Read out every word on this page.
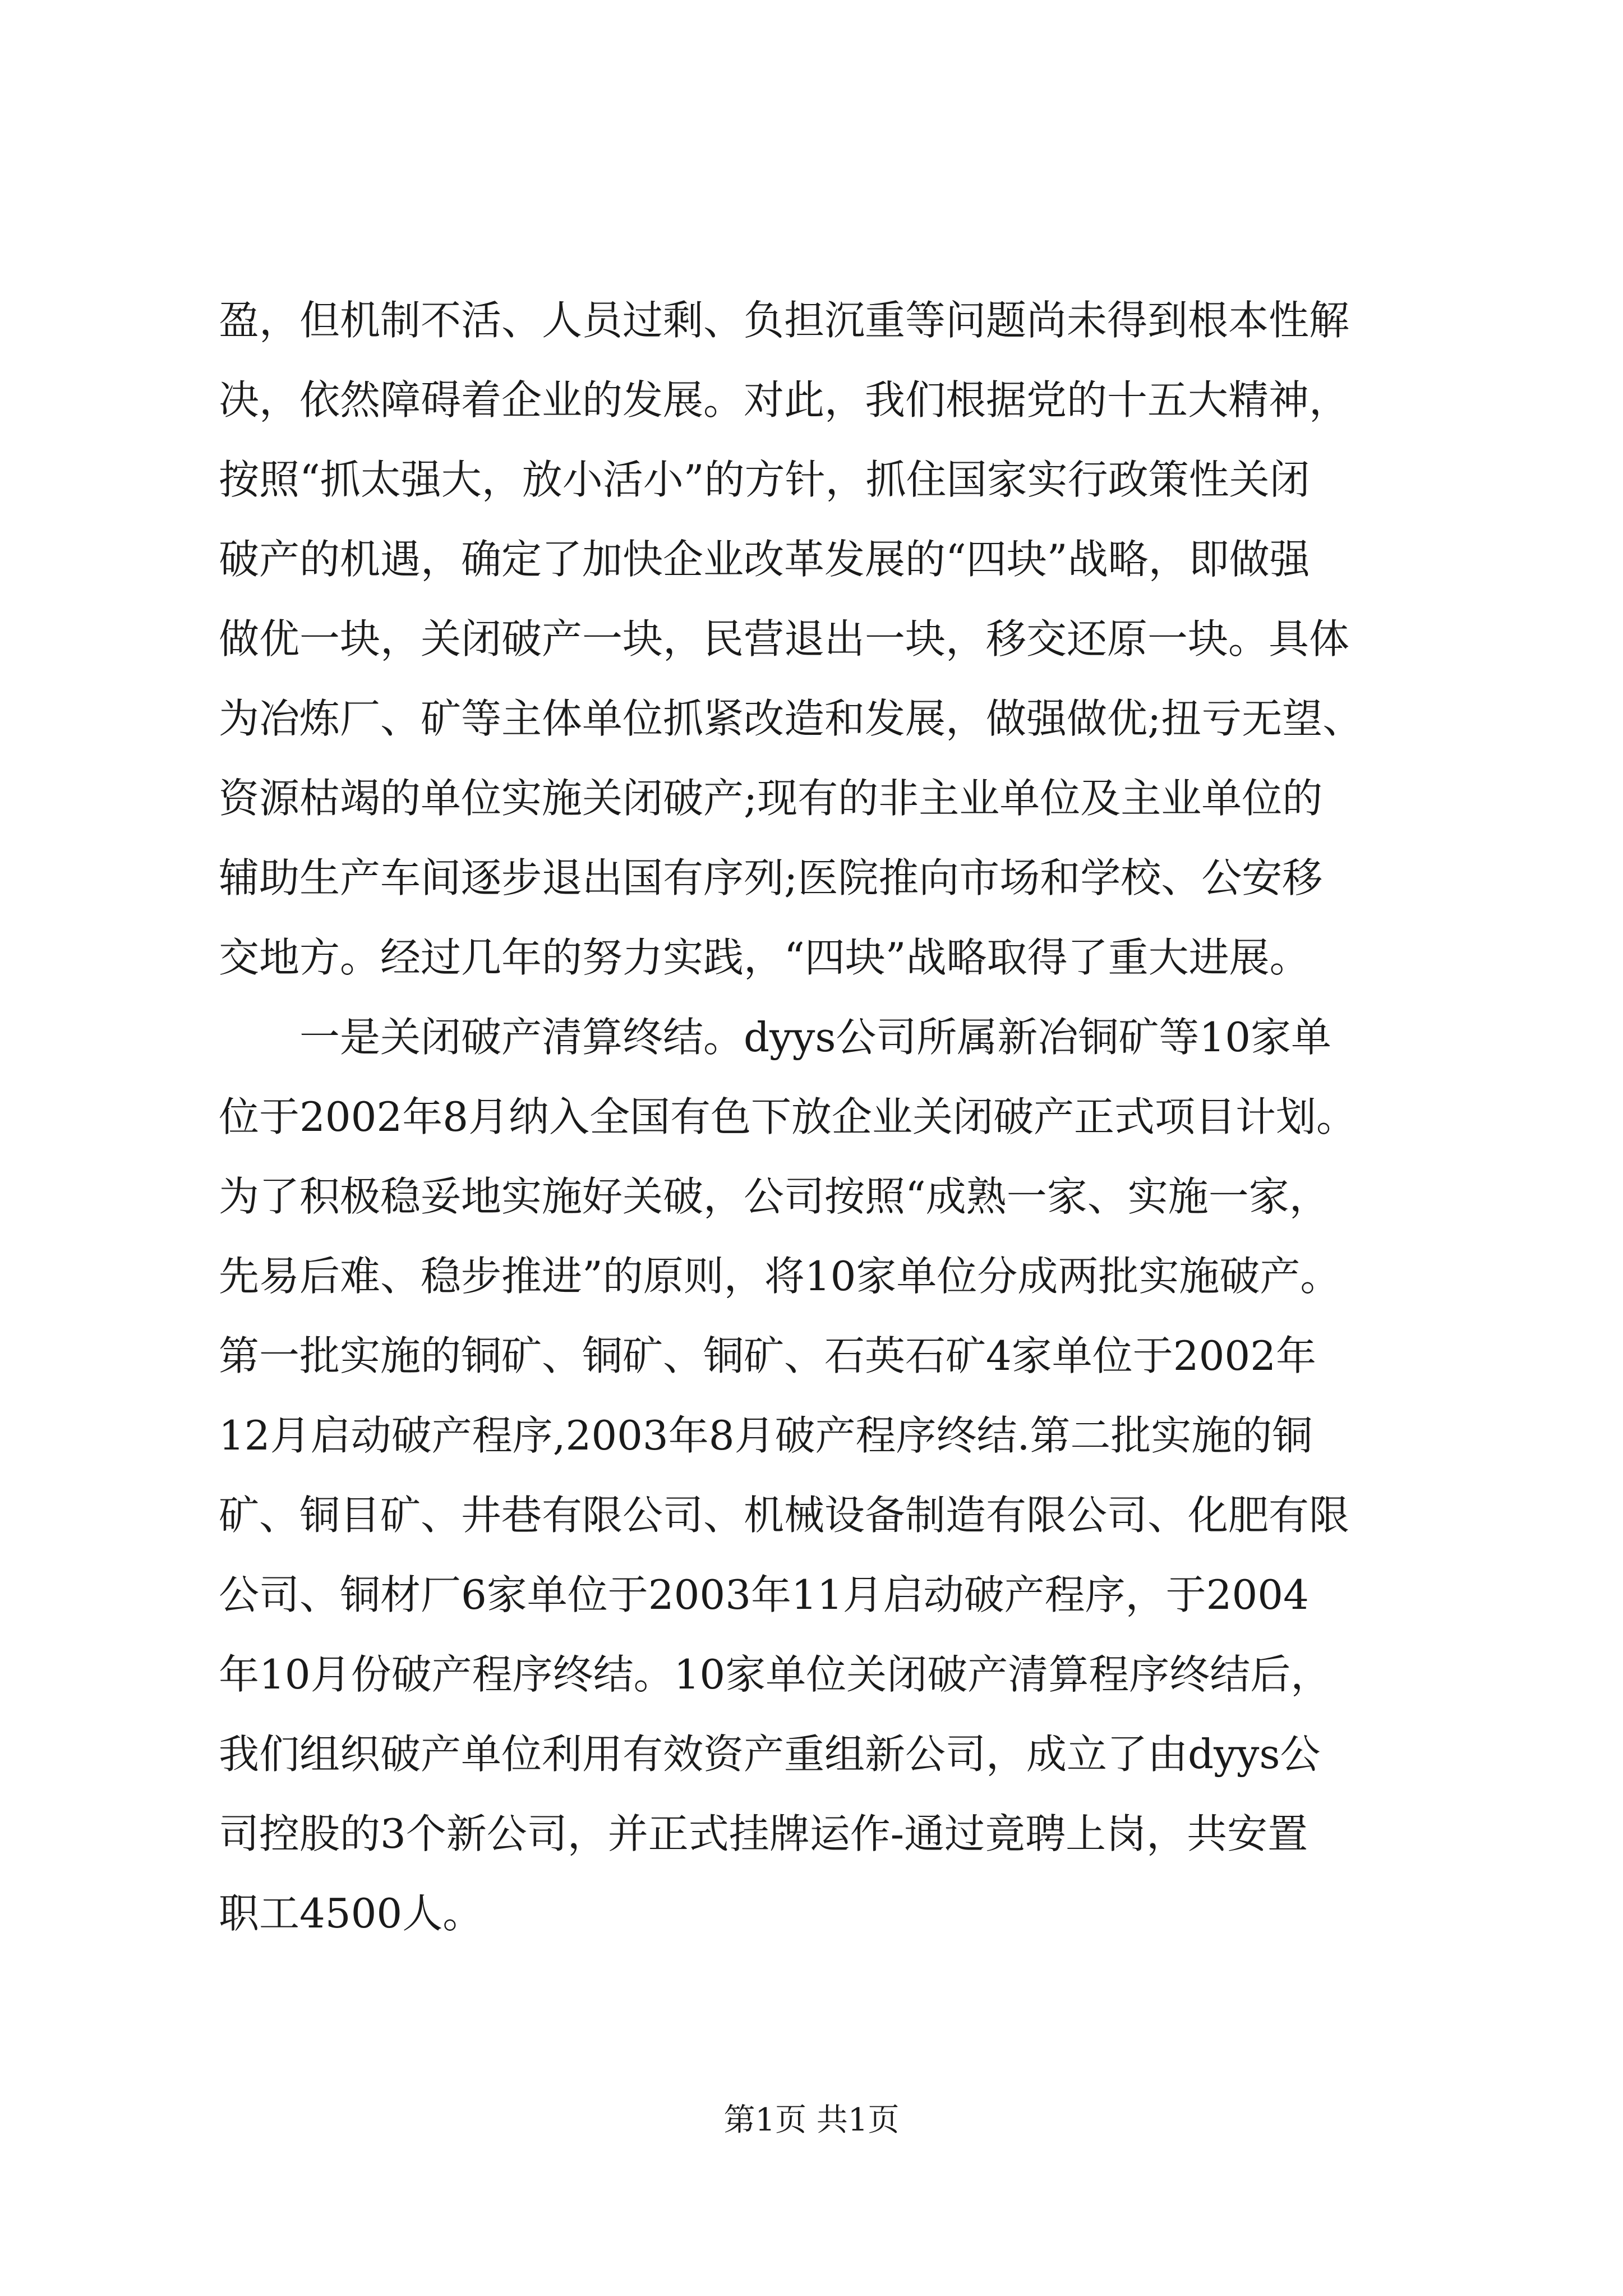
盈，但机制不活、人员过剩、负担沉重等问题尚未得到根本性解
决，依然障碍着企业的发展。对此，我们根据党的十五大精神，
按照“抓太强大，放小活小”的方针，抓住国家实行政策性关闭
破产的机遇，确定了加快企业改革发展的“四块”战略，即做强
做优一块，关闭破产一块，民营退出一块，移交还原一块。具体
为冶炼厂、矿等主体单位抓紧改造和发展，做强做优;扭亏无望、
资源枯竭的单位实施关闭破产;现有的非主业单位及主业单位的
辅助生产车间逐步退出国有序列;医院推向市场和学校、公安移
交地方。经过几年的努力实践，“四块”战略取得了重大进展。
　　一是关闭破产清算终结。dyys公司所属新冶铜矿等10家单
位于2002年8月纳入全国有色下放企业关闭破产正式项目计划。
为了积极稳妥地实施好关破，公司按照“成熟一家、实施一家，
先易后难、稳步推进”的原则，将10家单位分成两批实施破产。
第一批实施的铜矿、铜矿、铜矿、石英石矿4家单位于2002年
12月启动破产程序,2003年8月破产程序终结.第二批实施的铜
矿、铜目矿、井巷有限公司、机械设备制造有限公司、化肥有限
公司、铜材厂6家单位于2003年11月启动破产程序，于2004
年10月份破产程序终结。10家单位关闭破产清算程序终结后，
我们组织破产单位利用有效资产重组新公司，成立了由dyys公
司控股的3个新公司，并正式挂牌运作-通过竟聘上岗，共安置
职工4500人。
第1页 共1页
